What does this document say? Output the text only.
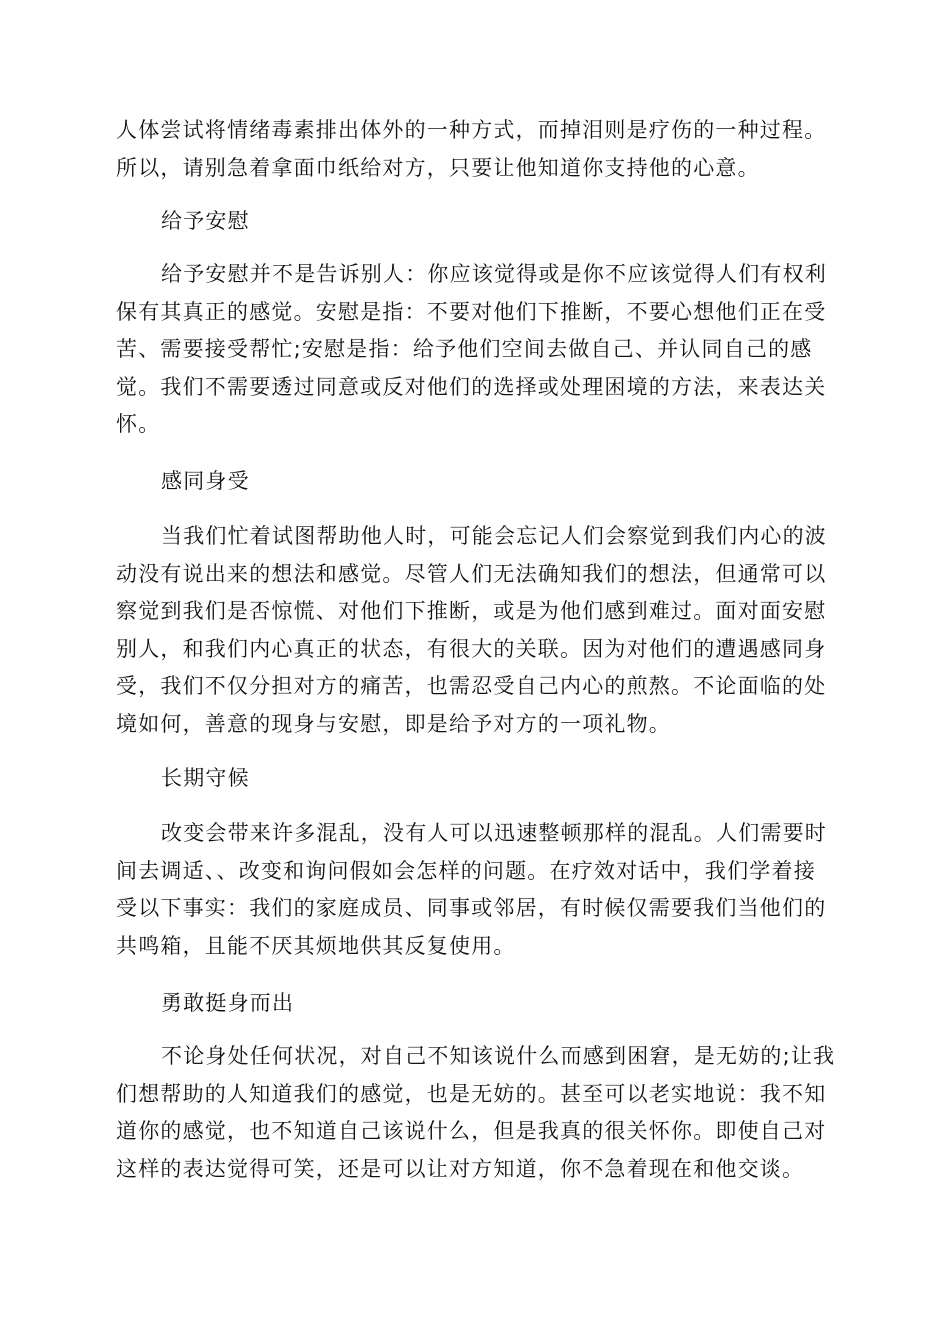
人体尝试将情绪毒素排出体外的一种方式，而掉泪则是疗伤的一种过程。所以，请别急着拿面巾纸给对方，只要让他知道你支持他的心意。
给予安慰
给予安慰并不是告诉别人：你应该觉得或是你不应该觉得人们有权利保有其真正的感觉。安慰是指：不要对他们下推断，不要心想他们正在受苦、需要接受帮忙;安慰是指：给予他们空间去做自己、并认同自己的感觉。我们不需要透过同意或反对他们的选择或处理困境的方法，来表达关怀。
感同身受
当我们忙着试图帮助他人时，可能会忘记人们会察觉到我们内心的波动没有说出来的想法和感觉。尽管人们无法确知我们的想法，但通常可以察觉到我们是否惊慌、对他们下推断，或是为他们感到难过。面对面安慰别人，和我们内心真正的状态，有很大的关联。因为对他们的遭遇感同身受，我们不仅分担对方的痛苦，也需忍受自己内心的煎熬。不论面临的处境如何，善意的现身与安慰，即是给予对方的一项礼物。
长期守候
改变会带来许多混乱，没有人可以迅速整顿那样的混乱。人们需要时间去调适、、改变和询问假如会怎样的问题。在疗效对话中，我们学着接受以下事实：我们的家庭成员、同事或邻居，有时候仅需要我们当他们的共鸣箱，且能不厌其烦地供其反复使用。
勇敢挺身而出
不论身处任何状况，对自己不知该说什么而感到困窘，是无妨的;让我们想帮助的人知道我们的感觉，也是无妨的。甚至可以老实地说：我不知道你的感觉，也不知道自己该说什么，但是我真的很关怀你。即使自己对这样的表达觉得可笑，还是可以让对方知道，你不急着现在和他交谈。
